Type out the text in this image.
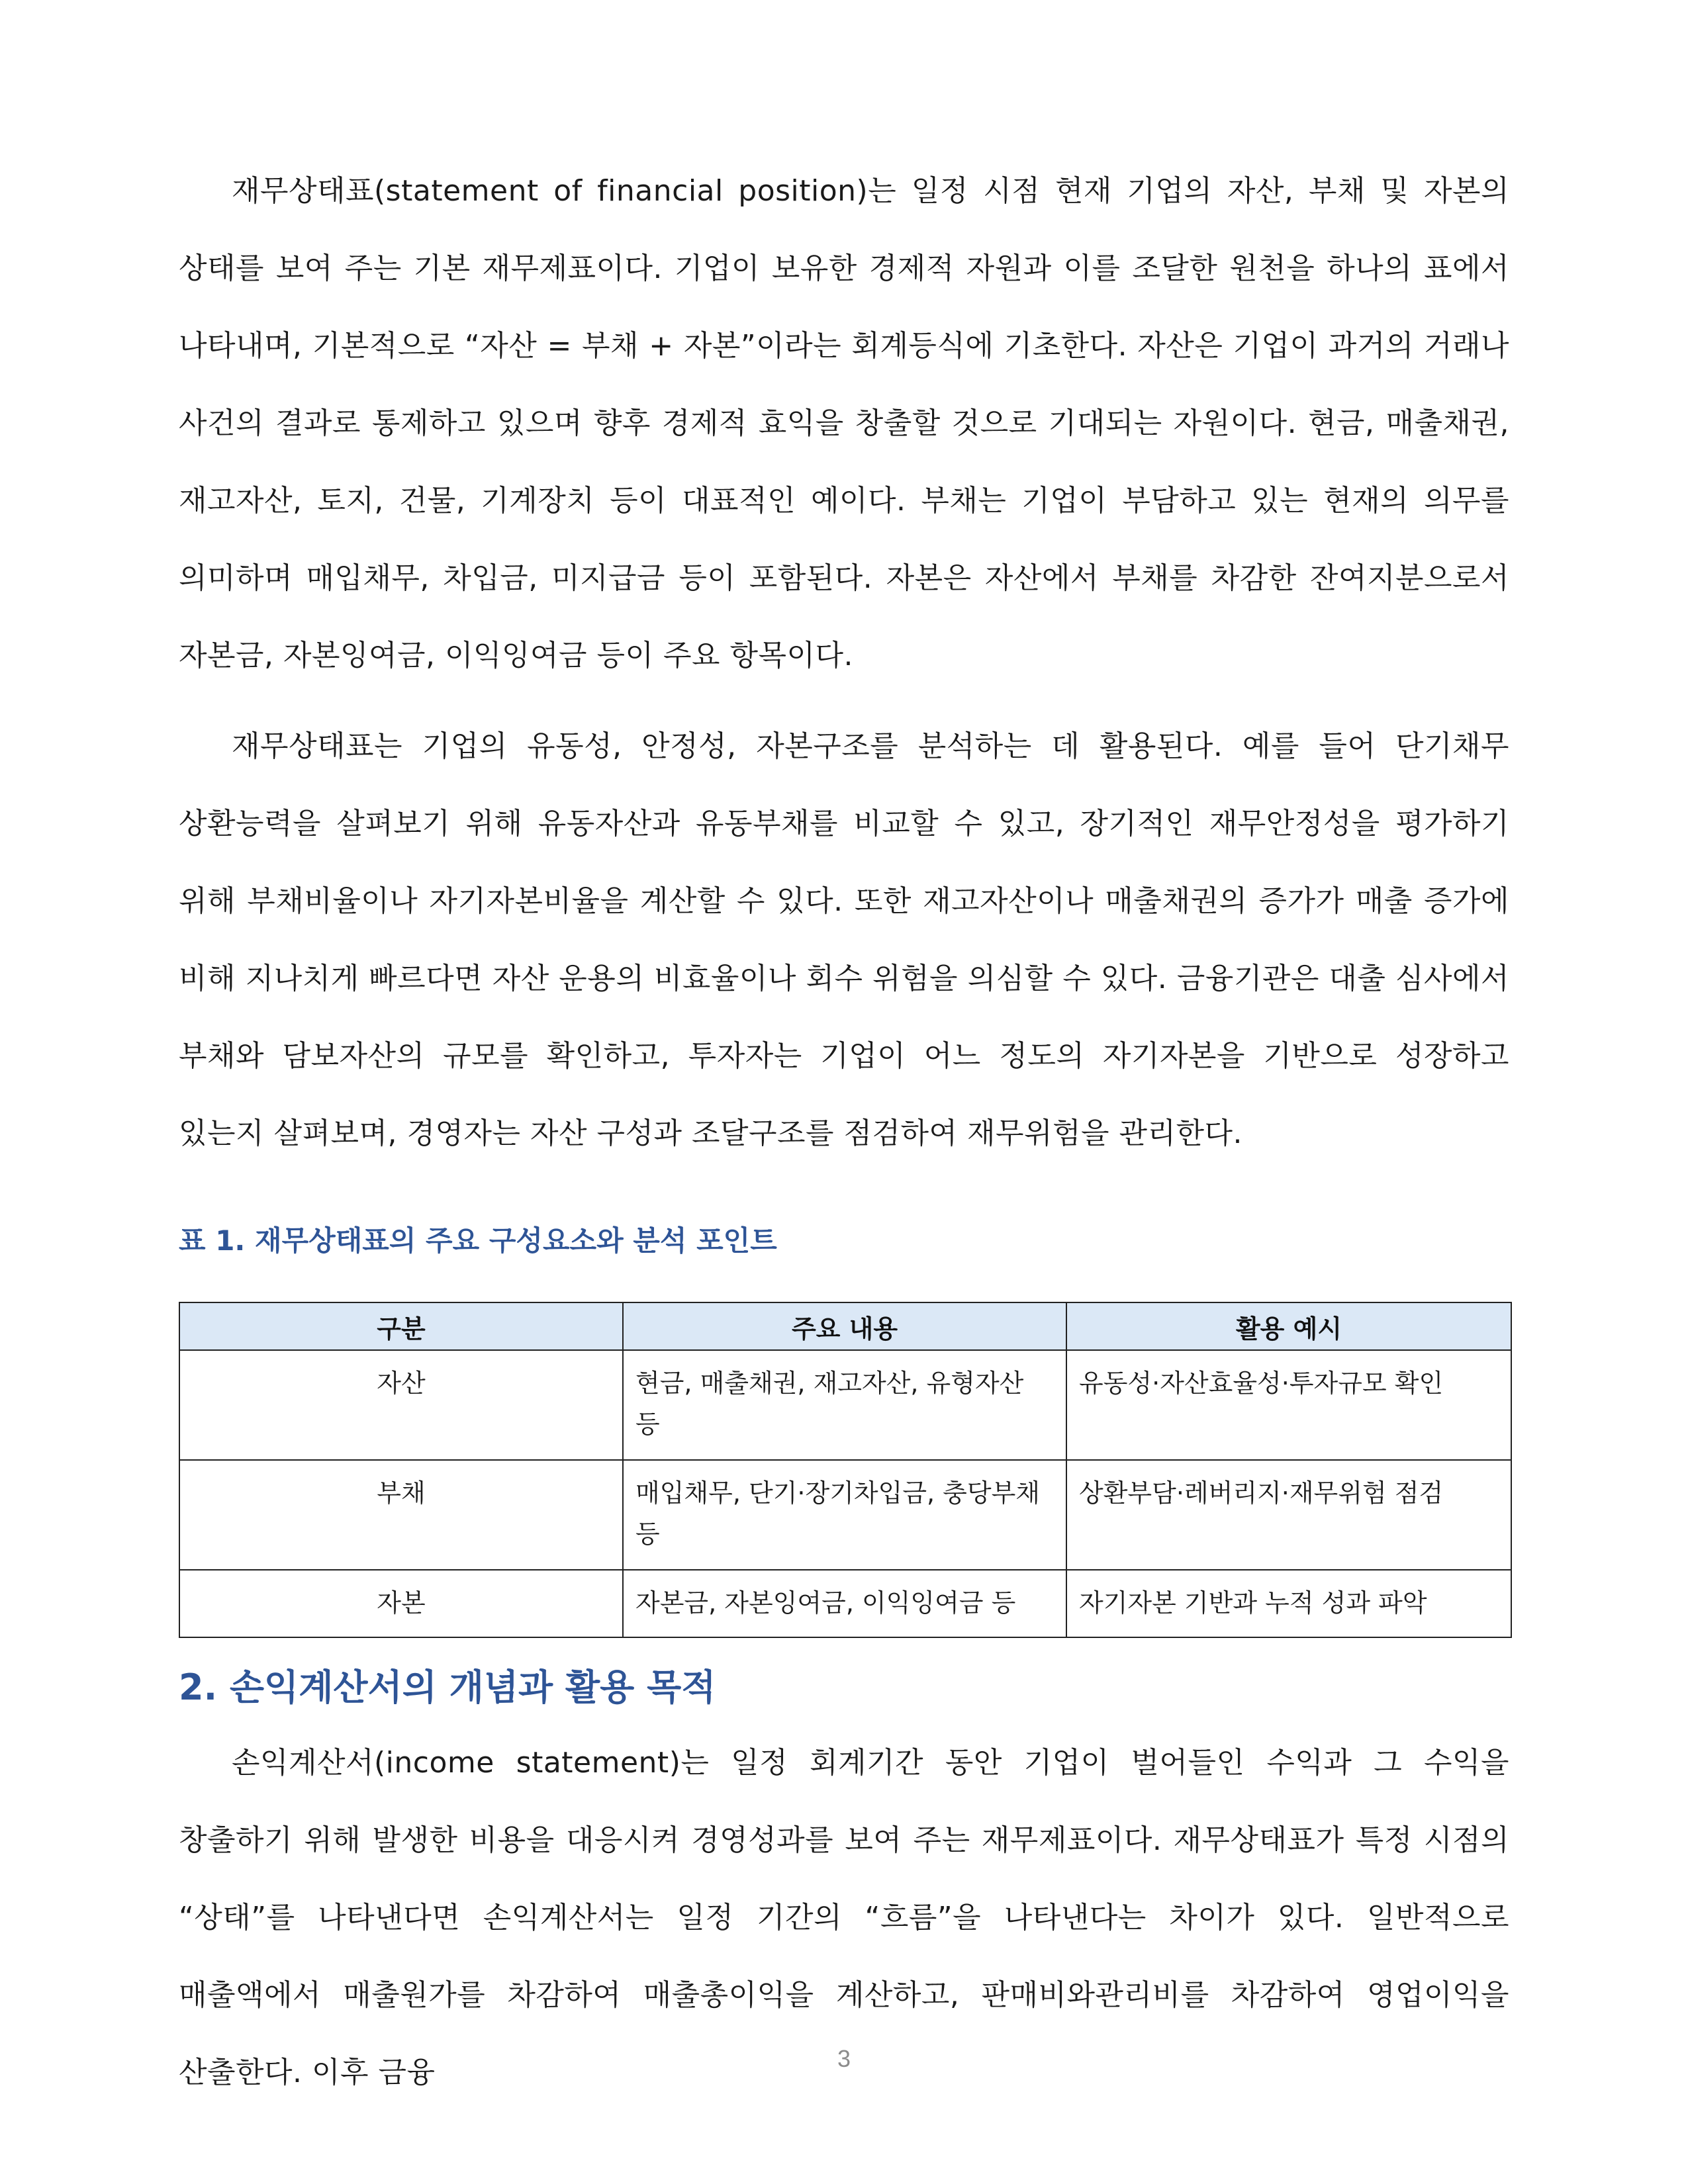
재무상태표(statement of financial position)는 일정 시점 현재 기업의 자산, 부채 및 자본의 상태를 보여 주는 기본 재무제표이다. 기업이 보유한 경제적 자원과 이를 조달한 원천을 하나의 표에서 나타내며, 기본적으로 “자산 = 부채 + 자본”이라는 회계등식에 기초한다. 자산은 기업이 과거의 거래나 사건의 결과로 통제하고 있으며 향후 경제적 효익을 창출할 것으로 기대되는 자원이다. 현금, 매출채권, 재고자산, 토지, 건물, 기계장치 등이 대표적인 예이다. 부채는 기업이 부담하고 있는 현재의 의무를 의미하며 매입채무, 차입금, 미지급금 등이 포함된다. 자본은 자산에서 부채를 차감한 잔여지분으로서 자본금, 자본잉여금, 이익잉여금 등이 주요 항목이다.

재무상태표는 기업의 유동성, 안정성, 자본구조를 분석하는 데 활용된다. 예를 들어 단기채무 상환능력을 살펴보기 위해 유동자산과 유동부채를 비교할 수 있고, 장기적인 재무안정성을 평가하기 위해 부채비율이나 자기자본비율을 계산할 수 있다. 또한 재고자산이나 매출채권의 증가가 매출 증가에 비해 지나치게 빠르다면 자산 운용의 비효율이나 회수 위험을 의심할 수 있다. 금융기관은 대출 심사에서 부채와 담보자산의 규모를 확인하고, 투자자는 기업이 어느 정도의 자기자본을 기반으로 성장하고 있는지 살펴보며, 경영자는 자산 구성과 조달구조를 점검하여 재무위험을 관리한다.

표 1. 재무상태표의 주요 구성요소와 분석 포인트

구분	주요 내용	활용 예시
자산	현금, 매출채권, 재고자산, 유형자산 등	유동성·자산효율성·투자규모 확인
부채	매입채무, 단기·장기차입금, 충당부채 등	상환부담·레버리지·재무위험 점검
자본	자본금, 자본잉여금, 이익잉여금 등	자기자본 기반과 누적 성과 파악
2. 손익계산서의 개념과 활용 목적

손익계산서(income statement)는 일정 회계기간 동안 기업이 벌어들인 수익과 그 수익을 창출하기 위해 발생한 비용을 대응시켜 경영성과를 보여 주는 재무제표이다. 재무상태표가 특정 시점의 “상태”를 나타낸다면 손익계산서는 일정 기간의 “흐름”을 나타낸다는 차이가 있다. 일반적으로 매출액에서 매출원가를 차감하여 매출총이익을 계산하고, 판매비와관리비를 차감하여 영업이익을 산출한다. 이후 금융	3
